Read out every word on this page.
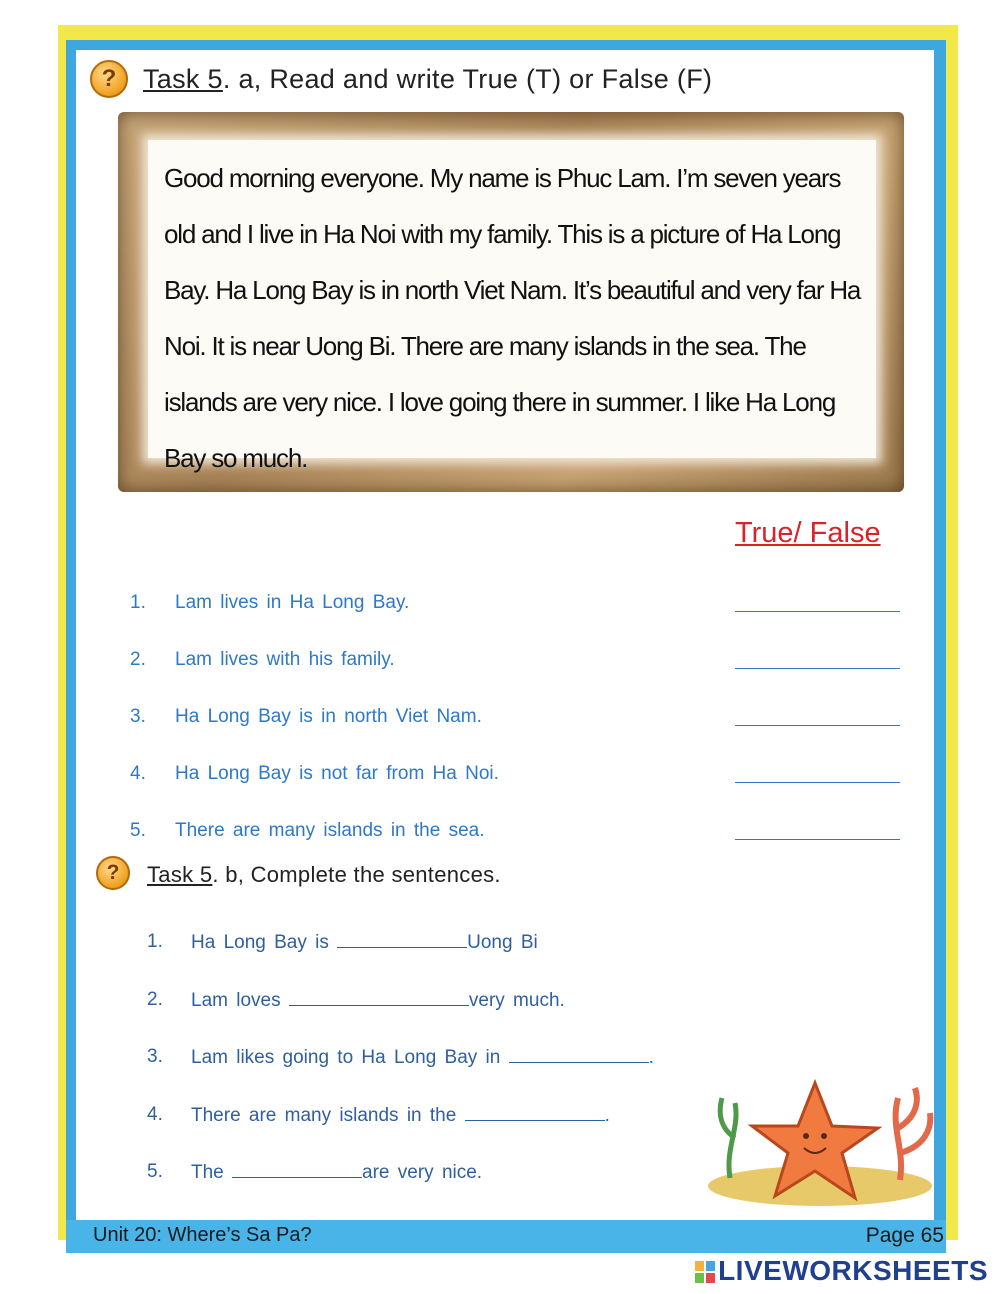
? Task 5. a, Read and write True (T) or False (F)
Good morning everyone. My name is Phuc Lam. I’m seven years old and I live in Ha Noi with my family. This is a picture of Ha Long Bay. Ha Long Bay is in north Viet Nam. It’s beautiful and very far Ha Noi. It is near Uong Bi. There are many islands in the sea. The islands are very nice. I love going there in summer. I like Ha Long Bay so much.
True/ False
1. Lam lives in Ha Long Bay.
2. Lam lives with his family.
3. Ha Long Bay is in north Viet Nam.
4. Ha Long Bay is not far from Ha Noi.
5. There are many islands in the sea.
?	Task 5. b, Complete the sentences.
1. Ha Long Bay is	Uong Bi
2. Lam loves	very much.
3. Lam likes going to Ha Long Bay in	.
4. There are many islands in the	.
5. The	are very nice.
Unit 20: Where’s Sa Pa?	Page 65
LIVEWORKSHEETS
